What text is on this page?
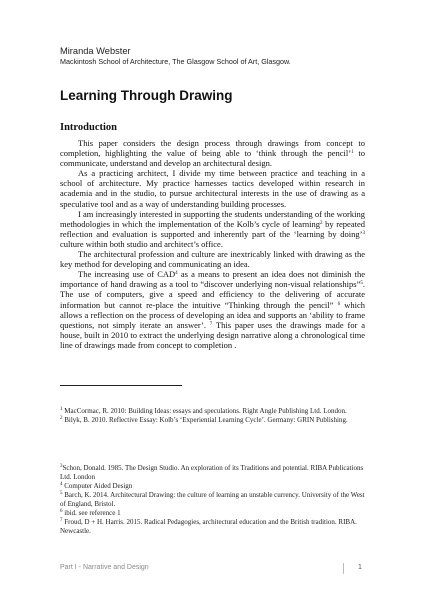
Miranda Webster
Mackintosh School of Architecture, The Glasgow School of Art, Glasgow.
Learning Through Drawing
Introduction

This paper considers the design process through drawings from concept to completion, highlighting the value of being able to ‘think through the pencil’$^1$ to communicate, understand and develop an architectural design.

As a practicing architect, I divide my time between practice and teaching in a school of architecture. My practice harnesses tactics developed within research in academia and in the studio, to pursue architectural interests in the use of drawing as a speculative tool and as a way of understanding building processes.

I am increasingly interested in supporting the students understanding of the working methodologies in which the implementation of the Kolb’s cycle of learning$^2$ by repeated reflection and evaluation is supported and inherently part of the ‘learning by doing’$^3$ culture within both studio and architect’s office.

The architectural profession and culture are inextricably linked with drawing as the key method for developing and communicating an idea.

The increasing use of CAD$^4$ as a means to present an idea does not diminish the importance of hand drawing as a tool to “discover underlying non-visual relationships”$^5$. The use of computers, give a speed and efficiency to the delivering of accurate information but cannot re-place the intuitive “Thinking through the pencil” $^6$ which allows a reflection on the process of developing an idea and supports an ‘ability to frame questions, not simply iterate an answer’. $^7$ This paper uses the drawings made for a house, built in 2010 to extract the underlying design narrative along a chronological time line of drawings made from concept to completion .

$^1$ MacCormac, R. 2010: Building Ideas: essays and speculations. Right Angle Publishing Ltd. London.
$^2$ Bilyk, B. 2010. Reflective Essay: Kolb’s ‘Experiential Learning Cycle’. Germany: GRIN Publishing.
$^3$Schon, Donald. 1985. The Design Studio. An exploration of its Traditions and potential. RIBA Publications Ltd. London
$^4$ Computer Aided Design
$^5$ Barch, K. 2014. Architectural Drawing: the culture of learning an unstable currency. University of the West of England, Bristol.
$^6$ ibid. see reference 1
$^7$ Froud, D + H. Harris. 2015. Radical Pedagogies, architectural education and the British tradition. RIBA. Newcastle.
Part I - Narrative and Design	1
